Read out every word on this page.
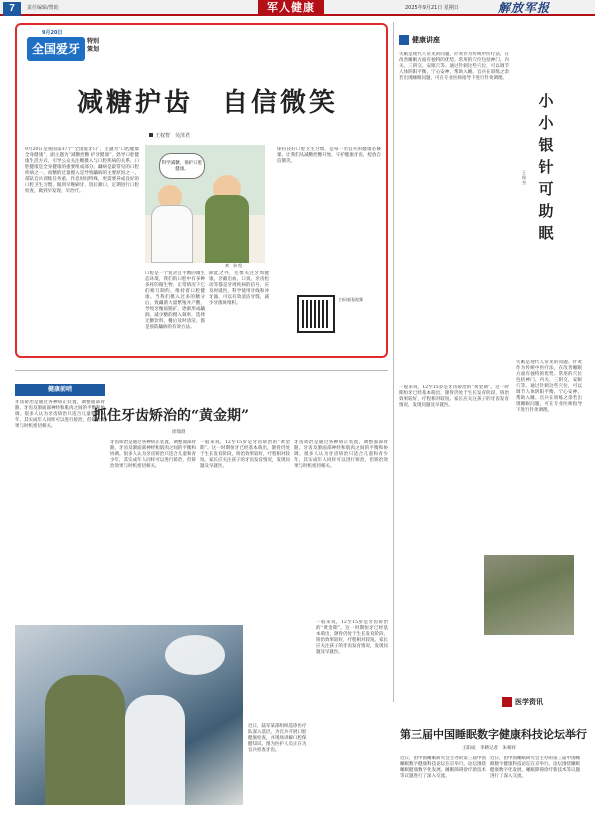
7	责任编辑/赞助	军人健康	2025年9月21日 星期日	解放军报
9月20日
全国爱牙日
特别策划
减糖护齿　自信微笑
王权智　吴泽君
9月20日是我国第37个“全国爱牙日”，主题为“口腔健康 全身健康”，副主题为“减糖控糖 护牙健康”，倡导口腔健康生活方式，引导公众关注糖摄入与口腔疾病的关系。口腔健康是全身健康的重要组成部分。龋病是最常见的口腔疾病之一，而糖的过量摄入是导致龋病的主要原因之一。部队官兵训练任务重、作息时间特殊，更需要养成良好的口腔卫生习惯，做到早晚刷牙、饭后漱口，定期进行口腔检查，做到早发现、早治疗。
科学减糖，保护口腔健康。
欢　弟 绘
口腔是一个复杂且平衡的微生态环境，我们的口腔中有多种多样的微生物，正常情况下它们相互制约，维持着口腔健康。当我们摄入过多的糖分后，致龋菌大量繁殖并产酸，导致牙釉质脱矿，逐渐形成龋洞。减少糖的摄入频率，选择无糖饮料，餐后及时清洁，都是预防龋病的有效方法。
除此之外，还要关注牙周健康。牙龈出血、口臭、牙齿松动等都是牙周疾病的信号，应及时就医。科学使用牙线和冲牙器，可以有效清洁牙缝，减少牙菌斑堆积。
保持良好口腔卫生习惯，是每一名官兵的健康必修课。让我们从减糖控糖开始，守护健康牙齿，绽放自信微笑。
扫码观看视频
健康讲座
失眠是现代人常见的问题。针灸作为传统中医疗法，在改善睡眠方面有独特的优势。常用的穴位包括神门、内关、三阴交、安眠穴等。通过针刺这些穴位，可以调节人体阴阳平衡，宁心安神，帮助入睡。官兵在训练之余若出现睡眠问题，可在专业医师指导下进行针灸调理。
小小银针可助眠
王保杰
失眠是现代人常见的问题。针灸作为传统中医疗法，在改善睡眠方面有独特的优势。常用的穴位包括神门、内关、三阴交、安眠穴等。通过针刺这些穴位，可以调节人体阴阳平衡，宁心安神，帮助入睡。官兵在训练之余若出现睡眠问题，可在专业医师指导下进行针灸调理。
健康前哨
牙齿矫治是通过各种矫正装置，调整面部骨骼、牙齿及颌面部神经和肌肉之间的平衡和协调。很多人认为牙齿矫治只适合儿童和青少年，其实成年人同样可以进行矫治，但矫治效果与时机密切相关。
抓住牙齿矫治的“黄金期”
徐瑞晨
牙齿矫治是通过各种矫正装置，调整面部骨骼、牙齿及颌面部神经和肌肉之间的平衡和协调。很多人认为牙齿矫治只适合儿童和青少年，其实成年人同样可以进行矫治，但矫治效果与时机密切相关。
一般来说，12至15岁是牙齿矫治的“黄金期”。这一时期恒牙已经基本萌出，颌骨仍处于生长发育阶段，矫治效果较好，疗程相对较短。家长应关注孩子的牙齿发育情况，发现问题及早就医。
牙齿矫治是通过各种矫正装置，调整面部骨骼、牙齿及颌面部神经和肌肉之间的平衡和协调。很多人认为牙齿矫治只适合儿童和青少年，其实成年人同样可以进行矫治，但矫治效果与时机密切相关。
一般来说，12至15岁是牙齿矫治的“黄金期”。这一时期恒牙已经基本萌出，颌骨仍处于生长发育阶段，矫治效果较好，疗程相对较短。家长应关注孩子的牙齿发育情况，发现问题及早就医。
近日，陆军某部组织巡诊医疗队深入基层，为官兵开展口腔健康检查，并现场讲解口腔保健知识。图为医护人员正在为官兵检查牙齿。
一般来说，12至15岁是牙齿矫治的“黄金期”。这一时期恒牙已经基本萌出，颌骨仍处于生长发育阶段，矫治效果较好，疗程相对较短。家长应关注孩子的牙齿发育情况，发现问题及早就医。
医学资讯
第三届中国睡眠数字健康科技论坛举行
王阳成　李耕记者　朱相祥
近日，由中国睡眠研究会主办的第三届中国睡眠数字健康科技论坛在京举行。论坛围绕睡眠健康数字化发展、睡眠障碍诊疗新技术等议题进行了深入交流。
近日，由中国睡眠研究会主办的第三届中国睡眠数字健康科技论坛在京举行。论坛围绕睡眠健康数字化发展、睡眠障碍诊疗新技术等议题进行了深入交流。
